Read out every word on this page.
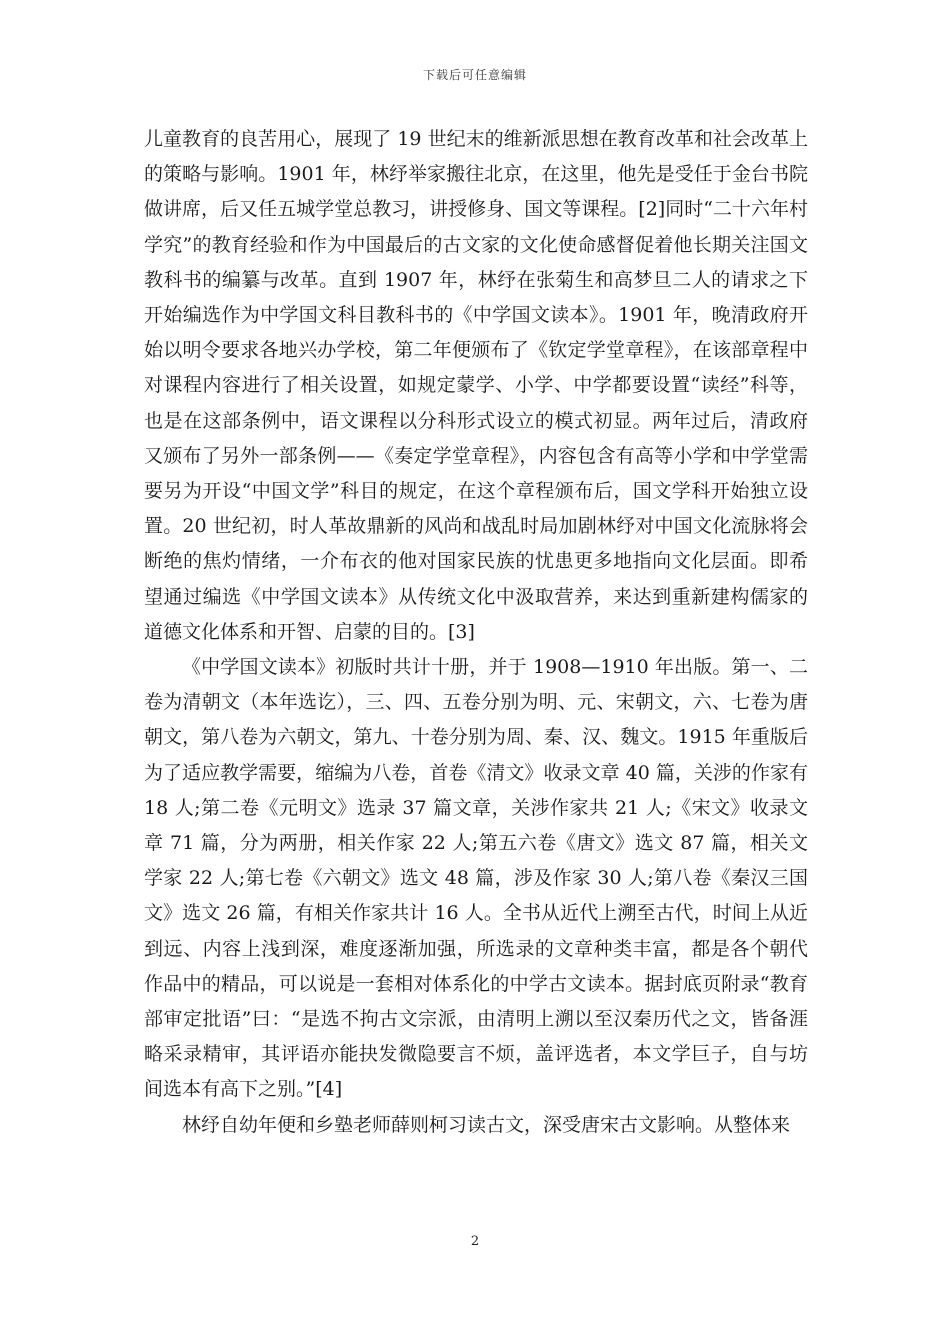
下载后可任意编辑

儿童教育的良苦用心，展现了 19 世纪末的维新派思想在教育改革和社会改革上的策略与影响。1901 年，林纾举家搬往北京，在这里，他先是受任于金台书院做讲席，后又任五城学堂总教习，讲授修身、国文等课程。[2]同时“二十六年村学究”的教育经验和作为中国最后的古文家的文化使命感督促着他长期关注国文教科书的编纂与改革。直到 1907 年，林纾在张菊生和高梦旦二人的请求之下开始编选作为中学国文科目教科书的《中学国文读本》。1901 年，晚清政府开始以明令要求各地兴办学校，第二年便颁布了《钦定学堂章程》，在该部章程中对课程内容进行了相关设置，如规定蒙学、小学、中学都要设置“读经”科等，也是在这部条例中，语文课程以分科形式设立的模式初显。两年过后，清政府又颁布了另外一部条例——《奏定学堂章程》，内容包含有高等小学和中学堂需要另为开设“中国文学”科目的规定，在这个章程颁布后，国文学科开始独立设置。20 世纪初，时人革故鼎新的风尚和战乱时局加剧林纾对中国文化流脉将会断绝的焦灼情绪，一介布衣的他对国家民族的忧患更多地指向文化层面。即希望通过编选《中学国文读本》从传统文化中汲取营养，来达到重新建构儒家的道德文化体系和开智、启蒙的目的。[3]

《中学国文读本》初版时共计十册，并于 1908—1910 年出版。第一、二卷为清朝文（本年选讫），三、四、五卷分别为明、元、宋朝文，六、七卷为唐朝文，第八卷为六朝文，第九、十卷分别为周、秦、汉、魏文。1915 年重版后为了适应教学需要，缩编为八卷，首卷《清文》收录文章 40 篇，关涉的作家有 18 人;第二卷《元明文》选录 37 篇文章，关涉作家共 21 人;《宋文》收录文章 71 篇，分为两册，相关作家 22 人;第五六卷《唐文》选文 87 篇，相关文学家 22 人;第七卷《六朝文》选文 48 篇，涉及作家 30 人;第八卷《秦汉三国文》选文 26 篇，有相关作家共计 16 人。全书从近代上溯至古代，时间上从近到远、内容上浅到深，难度逐渐加强，所选录的文章种类丰富，都是各个朝代作品中的精品，可以说是一套相对体系化的中学古文读本。据封底页附录“教育部审定批语”曰：“是选不拘古文宗派，由清明上溯以至汉秦历代之文，皆备涯略采录精审，其评语亦能抉发微隐要言不烦，盖评选者，本文学巨子，自与坊间选本有高下之别。”[4]

林纾自幼年便和乡塾老师薛则柯习读古文，深受唐宋古文影响。从整体来

2
